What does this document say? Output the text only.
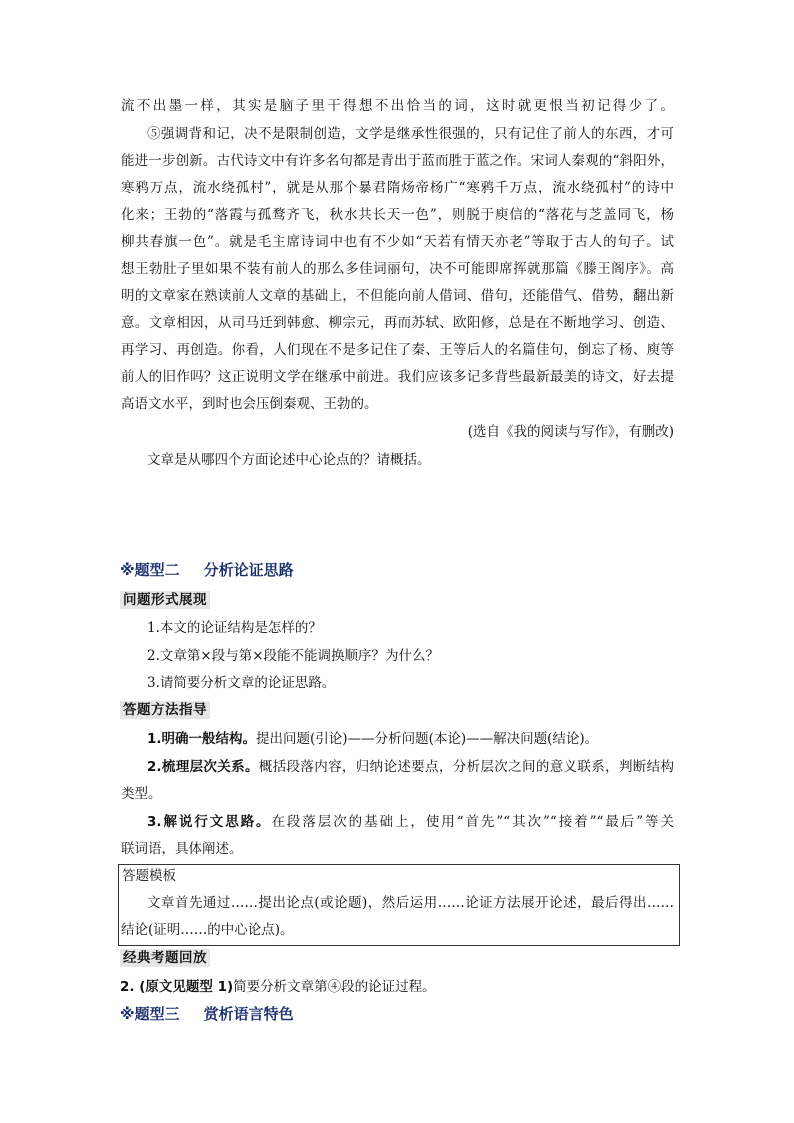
流不出墨一样，其实是脑子里干得想不出恰当的词，这时就更恨当初记得少了。
⑤强调背和记，决不是限制创造，文学是继承性很强的，只有记住了前人的东西，才可
能进一步创新。古代诗文中有许多名句都是青出于蓝而胜于蓝之作。宋词人秦观的“斜阳外，
寒鸦万点，流水绕孤村”，就是从那个暴君隋炀帝杨广“寒鸦千万点，流水绕孤村”的诗中
化来；王勃的“落霞与孤鹜齐飞，秋水共长天一色”，则脱于庾信的“落花与芝盖同飞，杨
柳共春旗一色”。就是毛主席诗词中也有不少如“天若有情天亦老”等取于古人的句子。试
想王勃肚子里如果不装有前人的那么多佳词丽句，决不可能即席挥就那篇《滕王阁序》。高
明的文章家在熟读前人文章的基础上，不但能向前人借词、借句，还能借气、借势，翻出新
意。文章相因，从司马迁到韩愈、柳宗元，再而苏轼、欧阳修，总是在不断地学习、创造、
再学习、再创造。你看，人们现在不是多记住了秦、王等后人的名篇佳句，倒忘了杨、庾等
前人的旧作吗？这正说明文学在继承中前进。我们应该多记多背些最新最美的诗文，好去提
高语文水平，到时也会压倒秦观、王勃的。
(选自《我的阅读与写作》，有删改)
文章是从哪四个方面论述中心论点的？请概括。
※题型二 分析论证思路
问题形式展现
1.本文的论证结构是怎样的？
2.文章第×段与第×段能不能调换顺序？为什么？
3.请简要分析文章的论证思路。
答题方法指导
1.明确一般结构。提出问题(引论)——分析问题(本论)——解决问题(结论)。
2.梳理层次关系。概括段落内容，归纳论述要点，分析层次之间的意义联系，判断结构
类型。
3.解说行文思路。在段落层次的基础上，使用“首先”“其次”“接着”“最后”等关
联词语，具体阐述。
答题模板
文章首先通过……提出论点(或论题)，然后运用……论证方法展开论述，最后得出……
结论(证明……的中心论点)。
经典考题回放
2. (原文见题型 1)简要分析文章第④段的论证过程。
※题型三 赏析语言特色
